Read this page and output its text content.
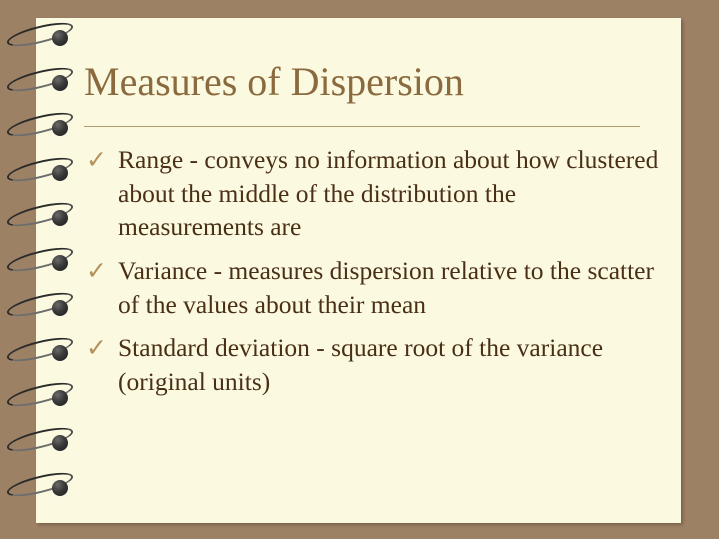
Measures of Dispersion
✓ Range - conveys no information about how clustered about the middle of the distribution the measurements are
✓ Variance - measures dispersion relative to the scatter of the values about their mean
✓ Standard deviation - square root of the variance (original units)
